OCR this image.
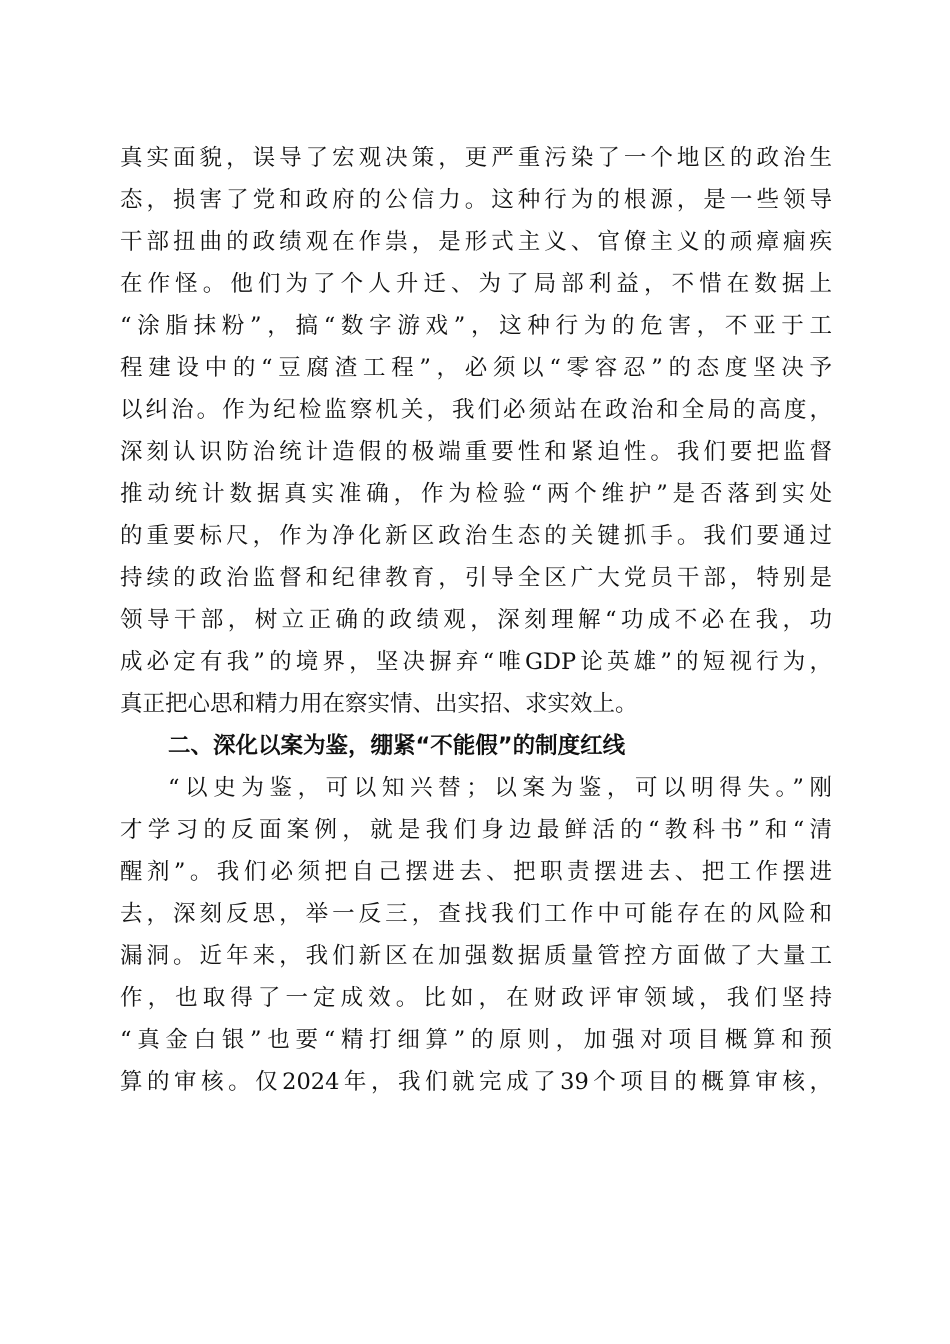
真实面貌，误导了宏观决策，更严重污染了一个地区的政治生
态，损害了党和政府的公信力。这种行为的根源，是一些领导
干部扭曲的政绩观在作祟，是形式主义、官僚主义的顽瘴痼疾
在作怪。他们为了个人升迁、为了局部利益，不惜在数据上
“涂脂抹粉”，搞“数字游戏”，这种行为的危害，不亚于工
程建设中的“豆腐渣工程”，必须以“零容忍”的态度坚决予
以纠治。作为纪检监察机关，我们必须站在政治和全局的高度，
深刻认识防治统计造假的极端重要性和紧迫性。我们要把监督
推动统计数据真实准确，作为检验“两个维护”是否落到实处
的重要标尺，作为净化新区政治生态的关键抓手。我们要通过
持续的政治监督和纪律教育，引导全区广大党员干部，特别是
领导干部，树立正确的政绩观，深刻理解“功成不必在我，功
成必定有我”的境界，坚决摒弃“唯GDP论英雄”的短视行为，
真正把心思和精力用在察实情、出实招、求实效上。
二、深化以案为鉴，绷紧“不能假”的制度红线
“以史为鉴，可以知兴替；以案为鉴，可以明得失。”刚
才学习的反面案例，就是我们身边最鲜活的“教科书”和“清
醒剂”。我们必须把自己摆进去、把职责摆进去、把工作摆进
去，深刻反思，举一反三，查找我们工作中可能存在的风险和
漏洞。近年来，我们新区在加强数据质量管控方面做了大量工
作，也取得了一定成效。比如，在财政评审领域，我们坚持
“真金白银”也要“精打细算”的原则，加强对项目概算和预
算的审核。仅2024年，我们就完成了39个项目的概算审核，
